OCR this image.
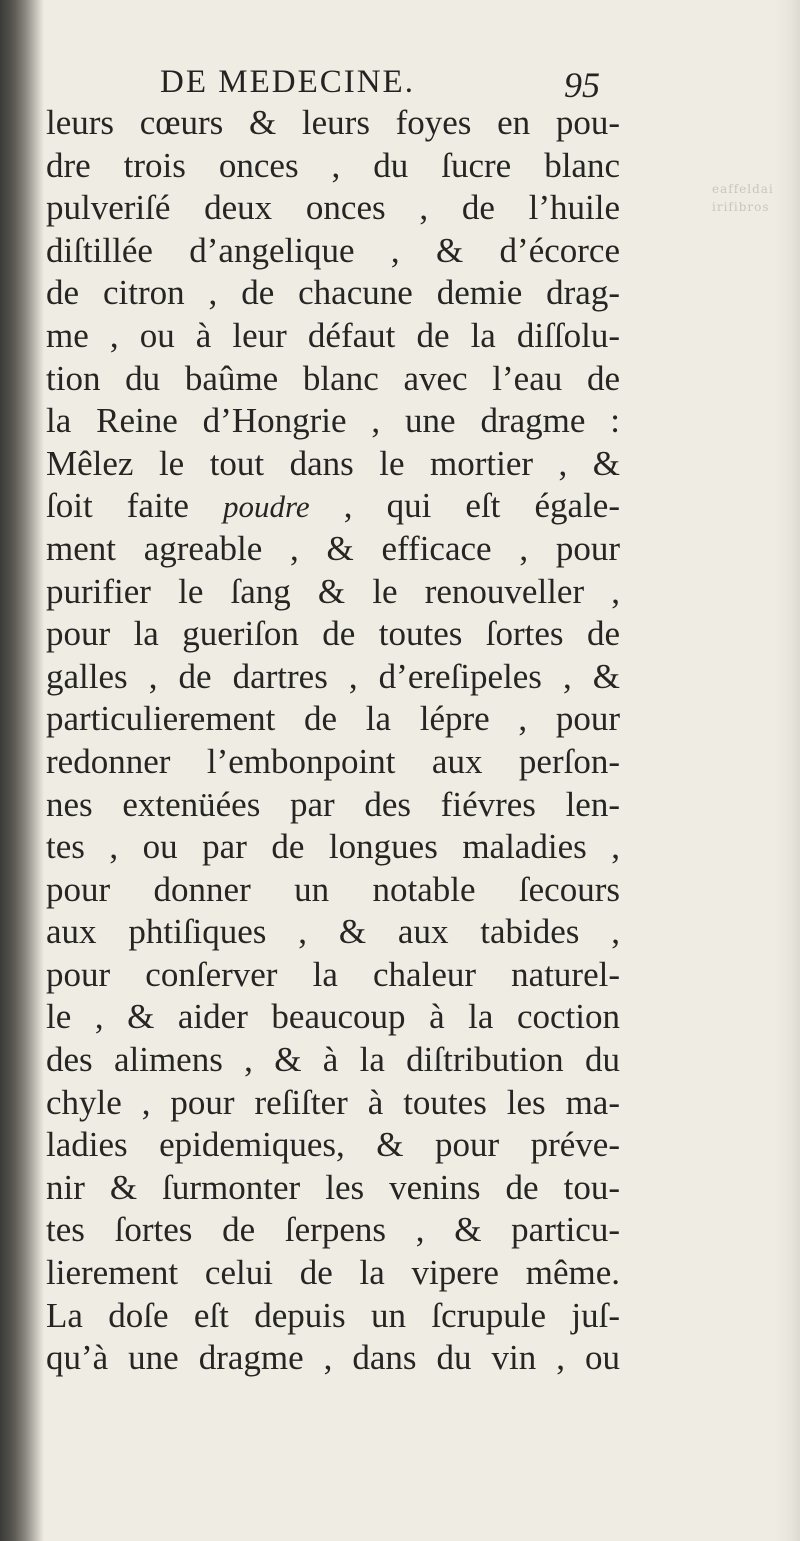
eaffeldai
irifibros
DE MEDECINE.	95
leurs cœurs & leurs foyes en pou-
dre trois onces , du ſucre blanc
pulveriſé deux onces , de l’huile
diſtillée d’angelique , & d’écorce
de citron , de chacune demie drag-
me , ou à leur défaut de la diſſolu-
tion du baûme blanc avec l’eau de
la Reine d’Hongrie , une dragme :
Mêlez le tout dans le mortier , &
ſoit faite poudre , qui eſt égale-
ment agreable , & efficace , pour
purifier le ſang & le renouveller ,
pour la gueriſon de toutes ſortes de
galles , de dartres , d’ereſipeles , &
particulierement de la lépre , pour
redonner l’embonpoint aux perſon-
nes extenüées par des fiévres len-
tes , ou par de longues maladies ,
pour donner un notable ſecours
aux phtiſiques , & aux tabides ,
pour conſerver la chaleur naturel-
le , & aider beaucoup à la coction
des alimens , & à la diſtribution du
chyle , pour reſiſter à toutes les ma-
ladies epidemiques, & pour préve-
nir & ſurmonter les venins de tou-
tes ſortes de ſerpens , & particu-
lierement celui de la vipere même.
La doſe eſt depuis un ſcrupule juſ-
qu’à une dragme , dans du vin , ou
